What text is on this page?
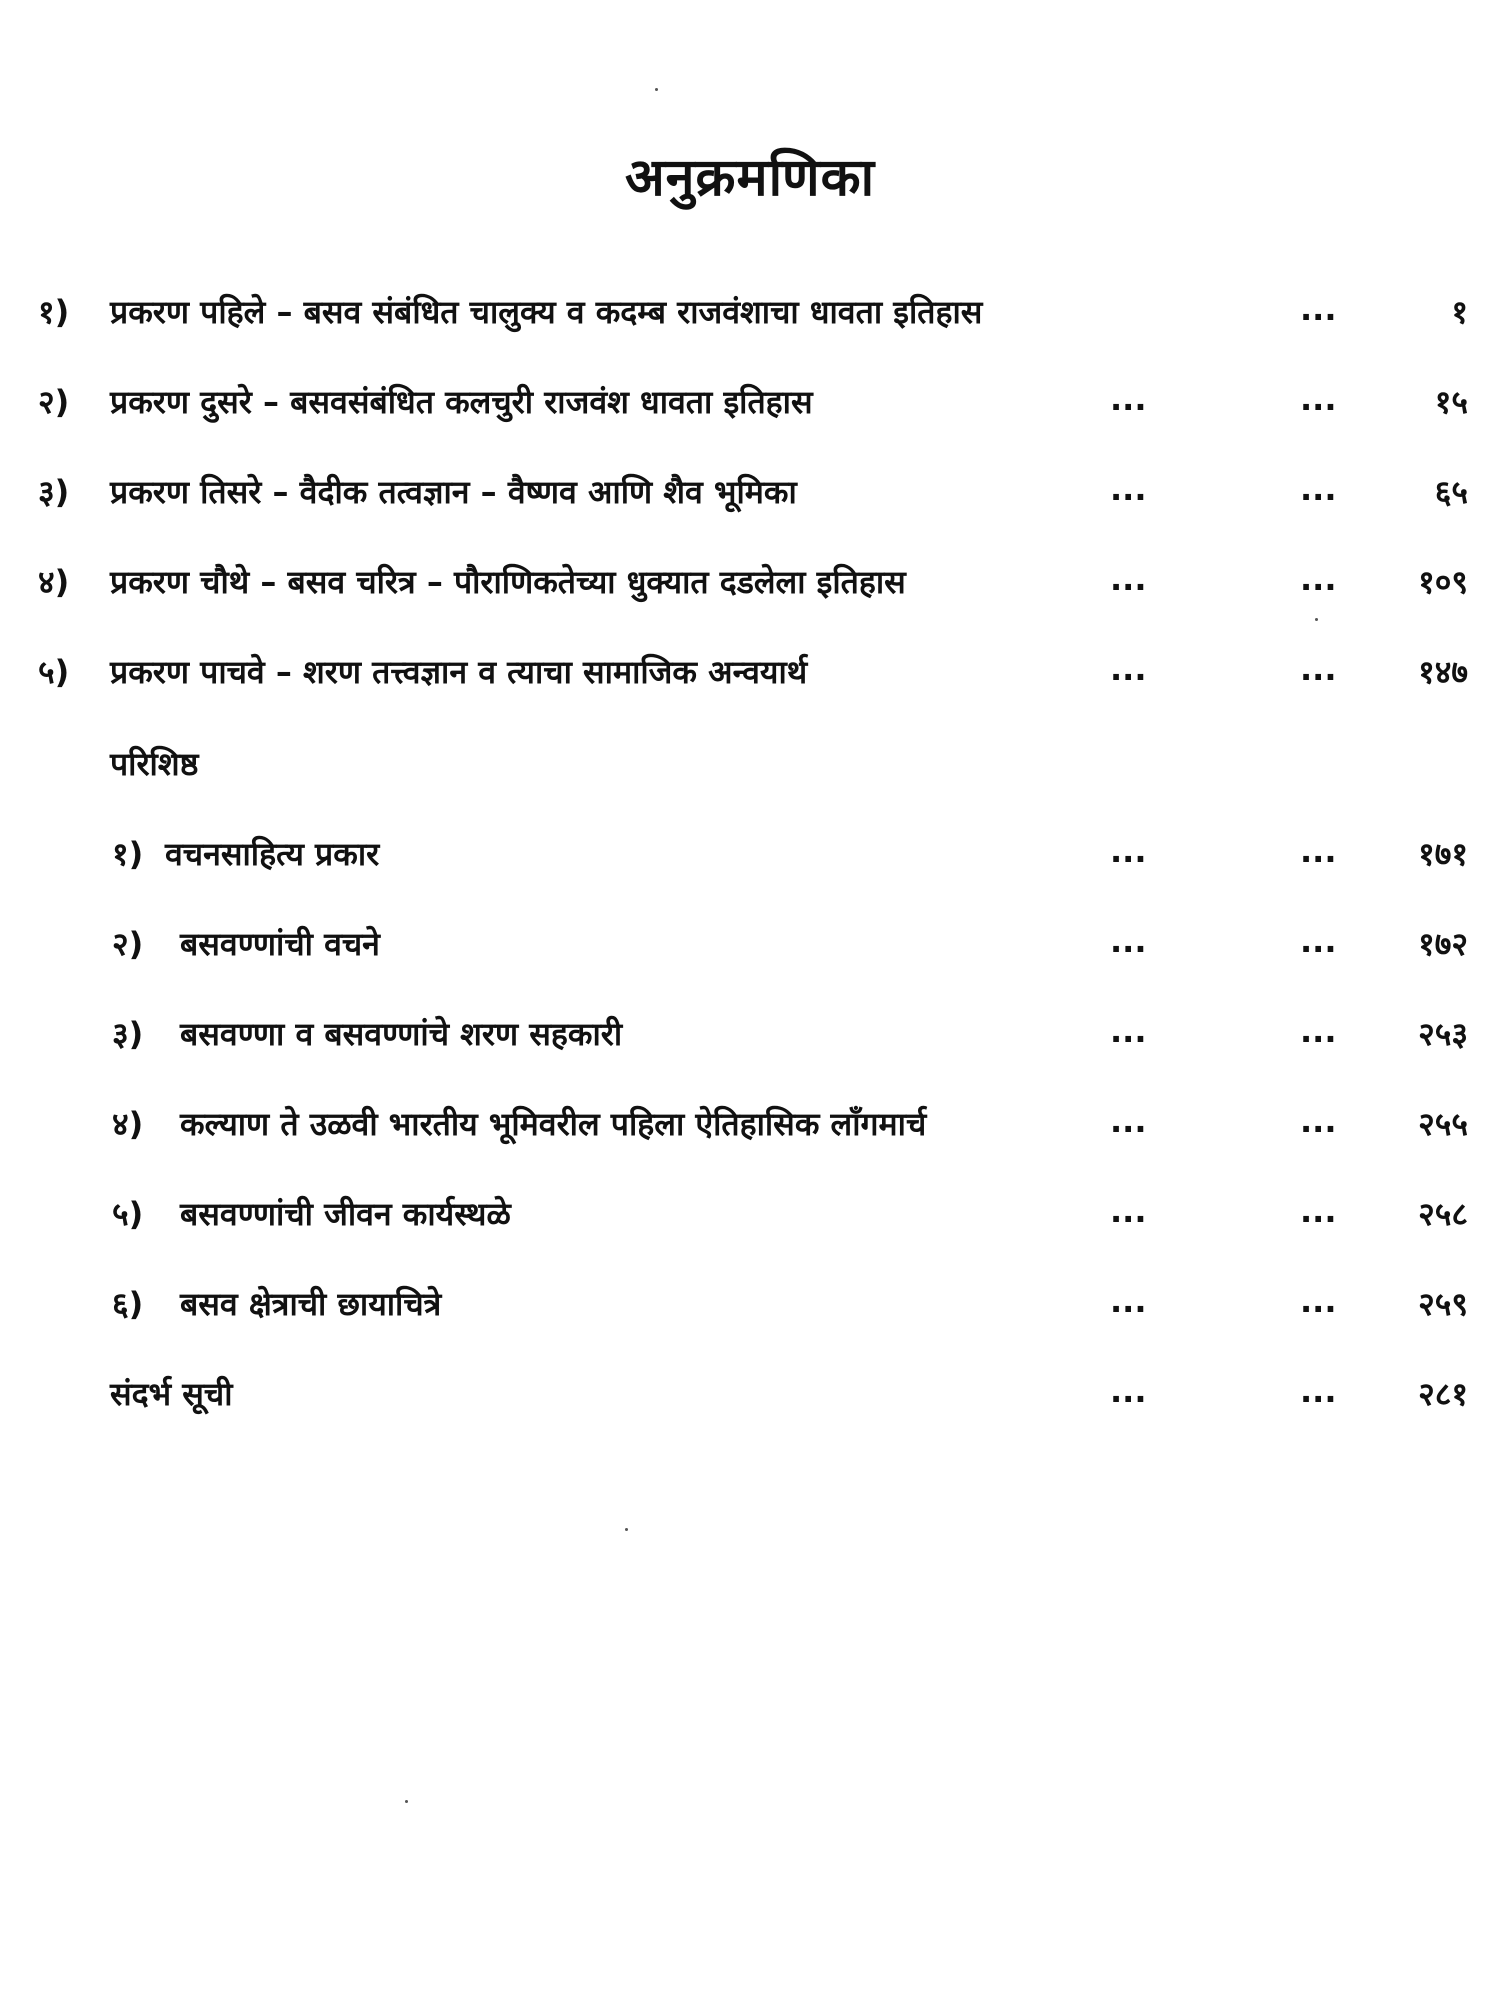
अनुक्रमणिका
१) प्रकरण पहिले – बसव संबंधित चालुक्य व कदम्ब राजवंशाचा धावता इतिहास	...	१
२) प्रकरण दुसरे – बसवसंबंधित कलचुरी राजवंश धावता इतिहास	...	...	१५
३) प्रकरण तिसरे – वैदीक तत्वज्ञान – वैष्णव आणि शैव भूमिका	...	...	६५
४) प्रकरण चौथे – बसव चरित्र – पौराणिकतेच्या धुक्यात दडलेला इतिहास	...	...	१०९
५) प्रकरण पाचवे – शरण तत्त्वज्ञान व त्याचा सामाजिक अन्वयार्थ	...	...	१४७
परिशिष्ठ
१) वचनसाहित्य प्रकार	...	...	१७१
२) बसवण्णांची वचने	...	...	१७२
३) बसवण्णा व बसवण्णांचे शरण सहकारी	...	...	२५३
४) कल्याण ते उळवी भारतीय भूमिवरील पहिला ऐतिहासिक लाँगमार्च	...	...	२५५
५) बसवण्णांची जीवन कार्यस्थळे	...	...	२५८
६) बसव क्षेत्राची छायाचित्रे	...	...	२५९
संदर्भ सूची	...	...	२८१
